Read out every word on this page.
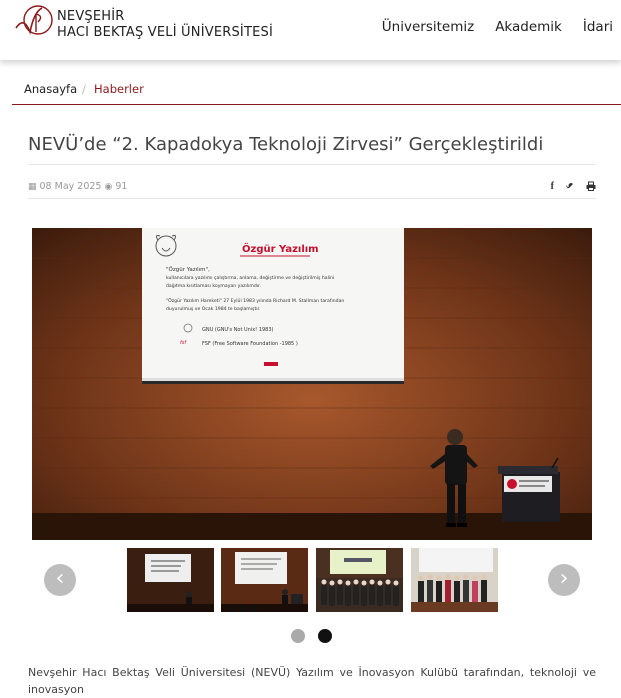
NEVŞEHİR
HACI BEKTAŞ VELİ ÜNİVERSİTESİ	Üniversitemiz Akademik İdari
Anasayfa / Haberler
NEVÜ’de “2. Kapadokya Teknoloji Zirvesi” Gerçekleştirildi
▦ 08 May 2025 ◉ 91	f
Özgür Yazılım
"Özgür Yazılım",
kullanıcılara yazılımı çalıştırma, anlama, değiştirme ve değiştirilmiş halini
dağıtma kısıtlaması koymayan yazılımdır.
"Özgür Yazılım Hareketi" 27 Eylül 1983 yılında Richard M. Stallman tarafından
duyurulmuş ve Ocak 1984 te başlamıştır.
GNU (GNU's Not Unix! 1983)
fsf	FSF (Free Software Foundation -1985 )
‹	›
Nevşehir Hacı Bektaş Veli Üniversitesi (NEVÜ) Yazılım ve İnovasyon Kulübü tarafından, teknoloji ve inovasyon
